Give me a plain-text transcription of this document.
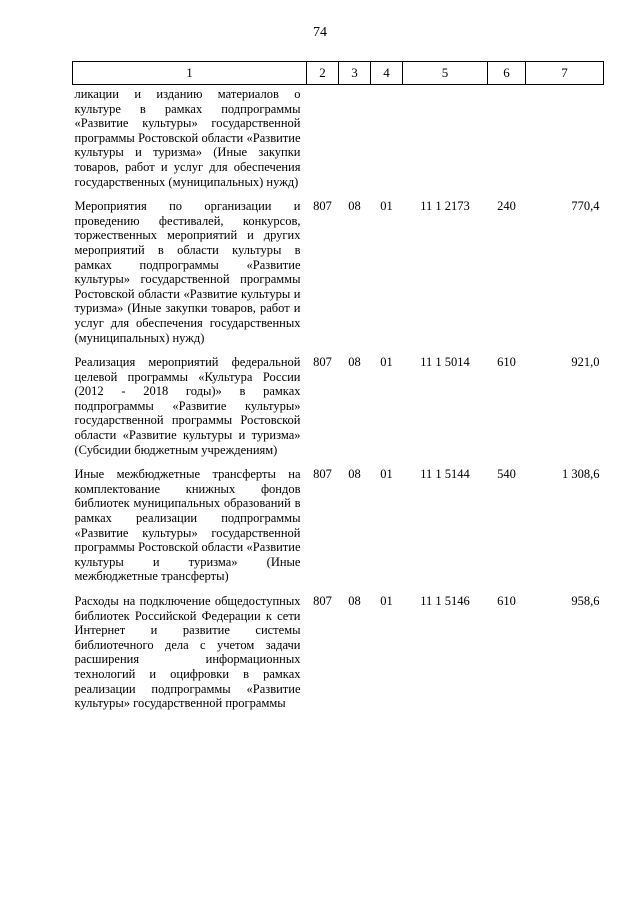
74
1	2	3	4	5	6	7
ликации и изданию материалов о культуре в рамках подпрограммы «Развитие культуры» государственной программы Ростовской области «Развитие культуры и туризма» (Иные закупки товаров, работ и услуг для обеспечения государственных (муниципальных) нужд)						
Мероприятия по организации и проведению фестивалей, конкурсов, торжественных мероприятий и других мероприятий в области культуры в рамках подпрограммы «Развитие культуры» государственной программы Ростовской области «Развитие культуры и туризма» (Иные закупки товаров, работ и услуг для обеспечения государственных (муниципальных) нужд)	807	08	01	11 1 2173	240	770,4
Реализация мероприятий федеральной целевой программы «Культура России (2012 - 2018 годы)» в рамках подпрограммы «Развитие культуры» государственной программы Ростовской области «Развитие культуры и туризма» (Субсидии бюджетным учреждениям)	807	08	01	11 1 5014	610	921,0
Иные межбюджетные трансферты на комплектование книжных фондов библиотек муниципальных образований в рамках реализации подпрограммы «Развитие культуры» государственной программы Ростовской области «Развитие культуры и туризма» (Иные межбюджетные трансферты)	807	08	01	11 1 5144	540	1 308,6
Расходы на подключение общедоступных библиотек Российской Федерации к сети Интернет и развитие системы библиотечного дела с учетом задачи расширения информационных технологий и оцифровки в рамках реализации подпрограммы «Развитие культуры» государственной программы	807	08	01	11 1 5146	610	958,6
